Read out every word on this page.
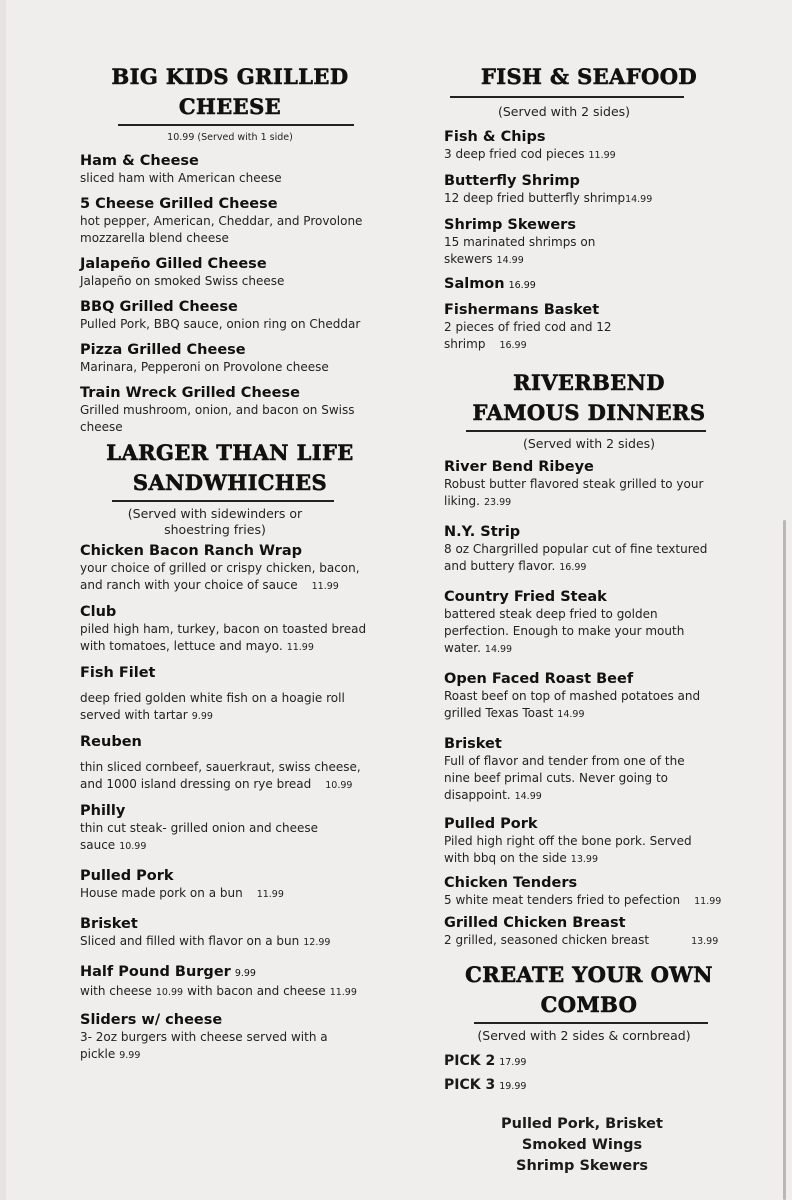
BIG KIDS GRILLED
CHEESE
10.99 (Served with 1 side)
Ham & Cheese
sliced ham with American cheese
5 Cheese Grilled Cheese
hot pepper, American, Cheddar, and Provolone mozzarella blend cheese
Jalapeño Gilled Cheese
Jalapeño on smoked Swiss cheese
BBQ Grilled Cheese
Pulled Pork, BBQ sauce, onion ring on Cheddar
Pizza Grilled Cheese
Marinara, Pepperoni on Provolone cheese
Train Wreck Grilled Cheese
Grilled mushroom, onion, and bacon on Swiss cheese
LARGER THAN LIFE
SANDWHICHES
(Served with sidewinders or shoestring fries)
Chicken Bacon Ranch Wrap
your choice of grilled or crispy chicken, bacon, and ranch with your choice of sauce 11.99
Club
piled high ham, turkey, bacon on toasted bread with tomatoes, lettuce and mayo. 11.99
Fish Filet
deep fried golden white fish on a hoagie roll served with tartar 9.99
Reuben
thin sliced cornbeef, sauerkraut, swiss cheese, and 1000 island dressing on rye bread 10.99
Philly
thin cut steak- grilled onion and cheese sauce 10.99
Pulled Pork
House made pork on a bun 11.99
Brisket
Sliced and filled with flavor on a bun 12.99
Half Pound Burger 9.99
with cheese 10.99 with bacon and cheese 11.99
Sliders w/ cheese
3- 2oz burgers with cheese served with a pickle 9.99
FISH & SEAFOOD
(Served with 2 sides)
Fish & Chips
3 deep fried cod pieces 11.99
Butterfly Shrimp
12 deep fried butterfly shrimp14.99
Shrimp Skewers
15 marinated shrimps on skewers 14.99
Salmon 16.99
Fishermans Basket
2 pieces of fried cod and 12 shrimp 16.99
RIVERBEND
FAMOUS DINNERS
(Served with 2 sides)
River Bend Ribeye
Robust butter flavored steak grilled to your liking. 23.99
N.Y. Strip
8 oz Chargrilled popular cut of fine textured and buttery flavor. 16.99
Country Fried Steak
battered steak deep fried to golden perfection. Enough to make your mouth water. 14.99
Open Faced Roast Beef
Roast beef on top of mashed potatoes and grilled Texas Toast 14.99
Brisket
Full of flavor and tender from one of the nine beef primal cuts. Never going to disappoint. 14.99
Pulled Pork
Piled high right off the bone pork. Served with bbq on the side 13.99
Chicken Tenders
5 white meat tenders fried to pefection 11.99
Grilled Chicken Breast
2 grilled, seasoned chicken breast	13.99
CREATE YOUR OWN
COMBO
(Served with 2 sides & cornbread)
PICK 2 17.99
PICK 3 19.99
Pulled Pork, Brisket
Smoked Wings
Shrimp Skewers
